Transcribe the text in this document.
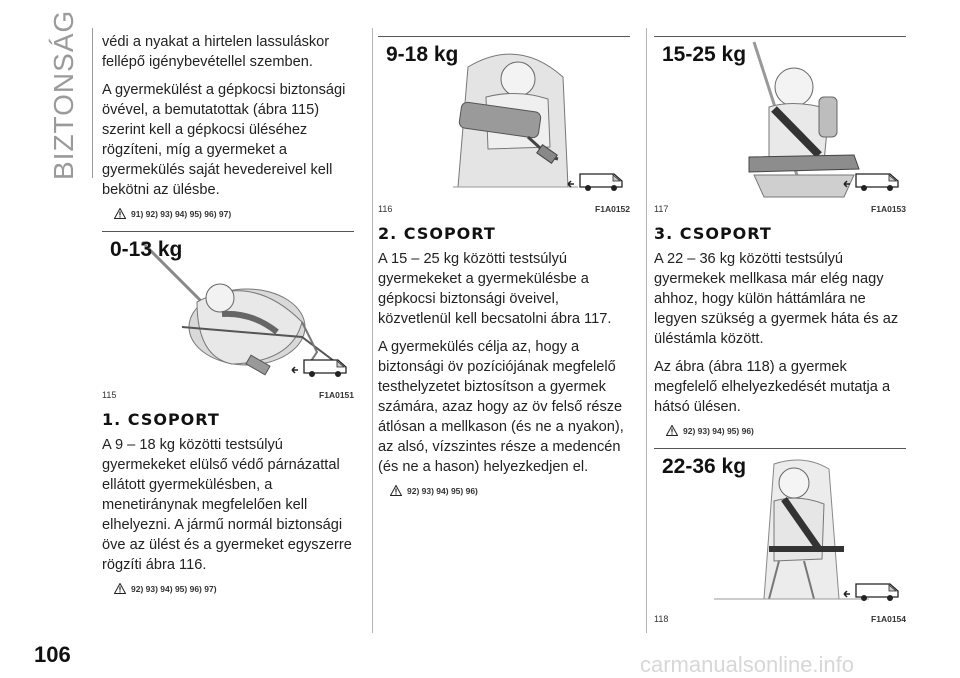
BIZTONSÁG	védi a nyakat a hirtelen lassuláskor fellépő igénybevétellel szemben.

A gyermekülést a gépkocsi biztonsági övével, a bemutatottak (ábra 115) szerint kell a gépkocsi üléséhez rögzíteni, míg a gyermeket a gyermekülés saját hevedereivel kell bekötni az ülésbe.

91) 92) 93) 94) 95) 96) 97)
0-13 kg
115	F1A0151
1. CSOPORT

A 9 – 18 kg közötti testsúlyú gyermekeket elülső védő párnázattal ellátott gyermekülésben, a menetiránynak megfelelően kell elhelyezni. A jármű normál biztonsági öve az ülést és a gyermeket egyszerre rögzíti ábra 116.

92) 93) 94) 95) 96) 97)
9-18 kg
116	F1A0152
2. CSOPORT

A 15 – 25 kg közötti testsúlyú gyermekeket a gyermekülésbe a gépkocsi biztonsági öveivel, közvetlenül kell becsatolni ábra 117.

A gyermekülés célja az, hogy a biztonsági öv pozíciójának megfelelő testhelyzetet biztosítson a gyermek számára, azaz hogy az öv felső része átlósan a mellkason (és ne a nyakon), az alsó, vízszintes része a medencén (és ne a hason) helyezkedjen el.

92) 93) 94) 95) 96)
15-25 kg
117	F1A0153
3. CSOPORT

A 22 – 36 kg közötti testsúlyú gyermekek mellkasa már elég nagy ahhoz, hogy külön háttámlára ne legyen szükség a gyermek háta és az üléstámla között.

Az ábra (ábra 118) a gyermek megfelelő elhelyezkedését mutatja a hátsó ülésen.

92) 93) 94) 95) 96)
22-36 kg
118	F1A0154
106	carmanualsonline.info
